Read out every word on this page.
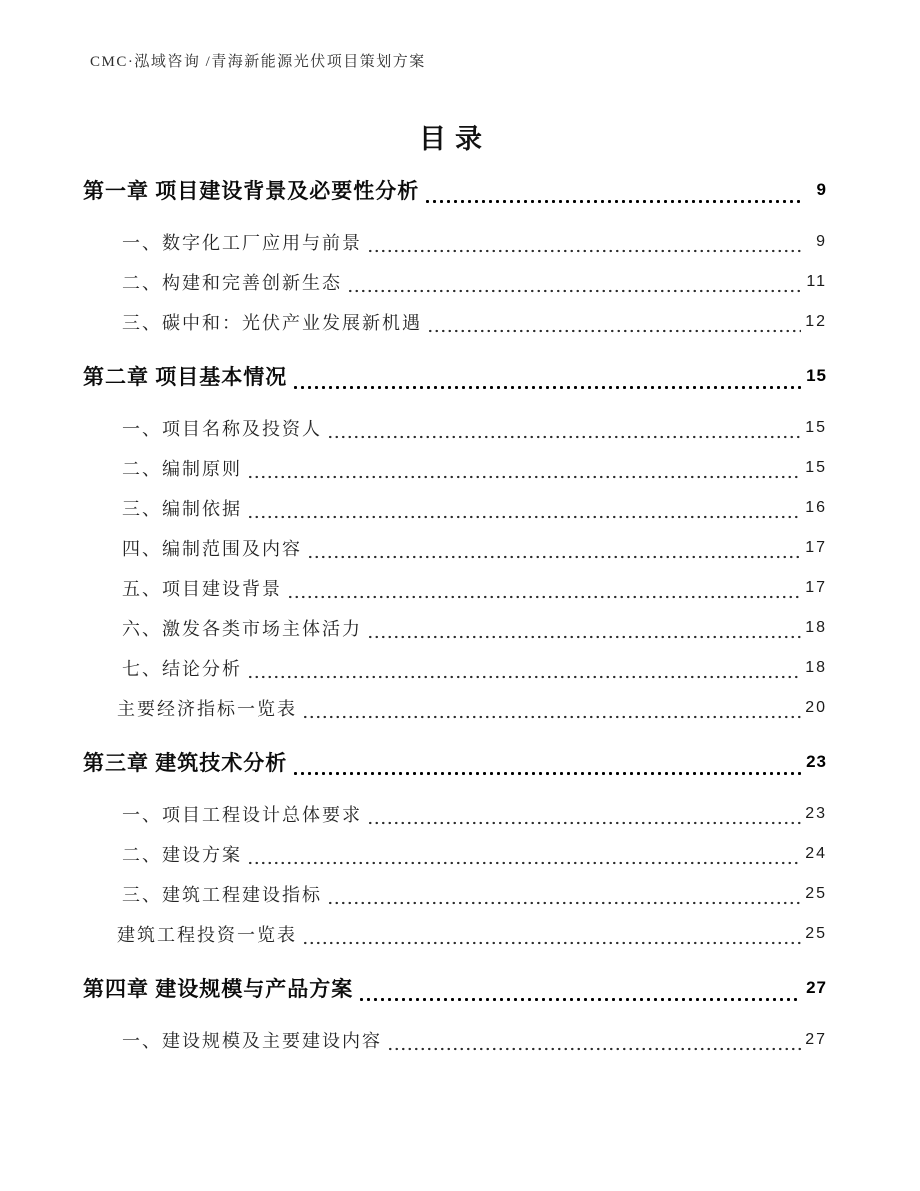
CMC·泓域咨询 /青海新能源光伏项目策划方案
目录
第一章 项目建设背景及必要性分析	9
一、数字化工厂应用与前景	9
二、构建和完善创新生态	11
三、碳中和：光伏产业发展新机遇	12
第二章 项目基本情况	15
一、项目名称及投资人	15
二、编制原则	15
三、编制依据	16
四、编制范围及内容	17
五、项目建设背景	17
六、激发各类市场主体活力	18
七、结论分析	18
主要经济指标一览表	20
第三章 建筑技术分析	23
一、项目工程设计总体要求	23
二、建设方案	24
三、建筑工程建设指标	25
建筑工程投资一览表	25
第四章 建设规模与产品方案	27
一、建设规模及主要建设内容	27
